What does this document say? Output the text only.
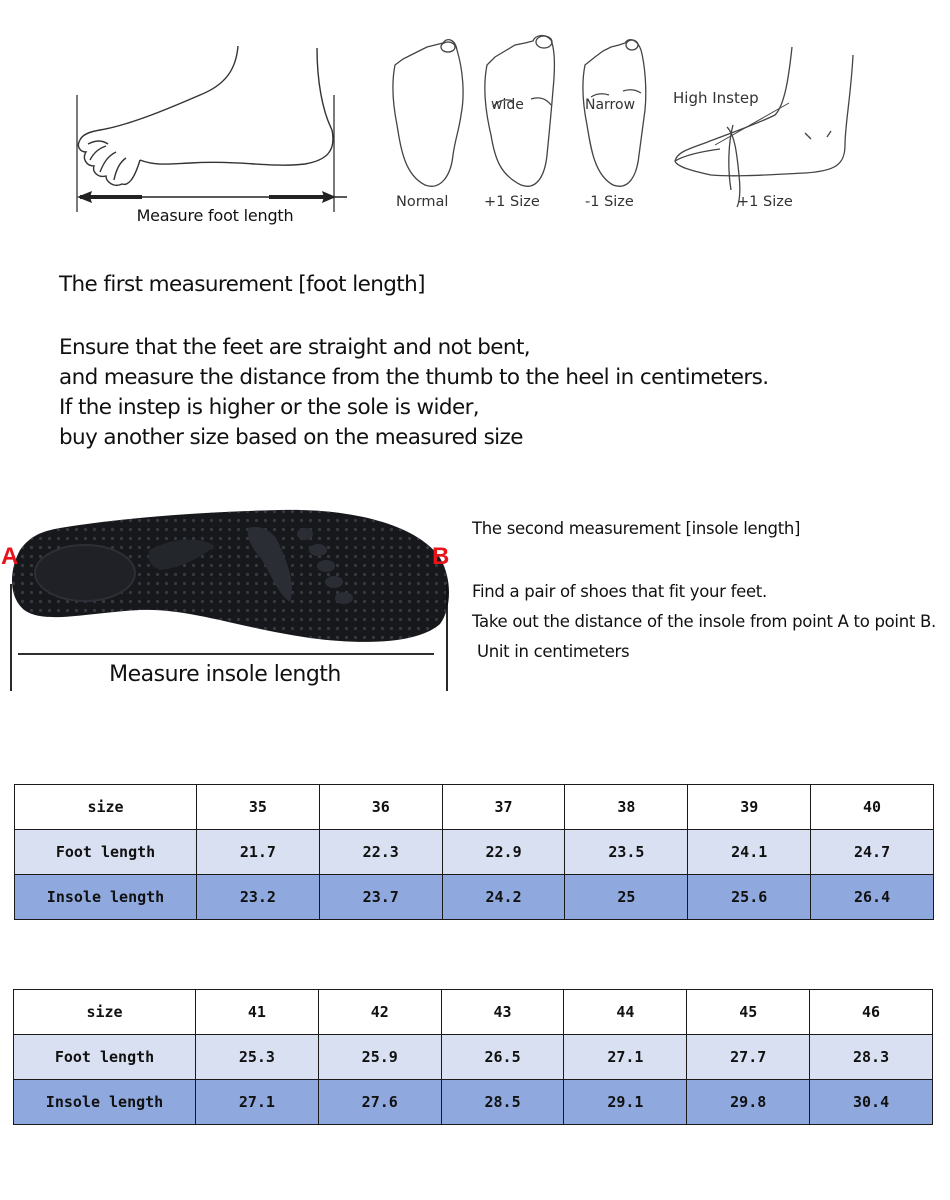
Measure foot length
wide	Narrow	High Instep
Normal +1 Size	-1 Size	+1 Size
The first measurement [foot length]
Ensure that the feet are straight and not bent,
and measure the distance from the thumb to the heel in centimeters.
If the instep is higher or the sole is wider,
buy another size based on the measured size
A	B
Measure insole length
The second measurement [insole length]
Find a pair of shoes that fit your feet.
Take out the distance of the insole from point A to point B.
Unit in centimeters
size	35	36	37	38	39	40
Foot length	21.7	22.3	22.9	23.5	24.1	24.7
Insole length	23.2	23.7	24.2	25	25.6	26.4
size	41	42	43	44	45	46
Foot length	25.3	25.9	26.5	27.1	27.7	28.3
Insole length	27.1	27.6	28.5	29.1	29.8	30.4
